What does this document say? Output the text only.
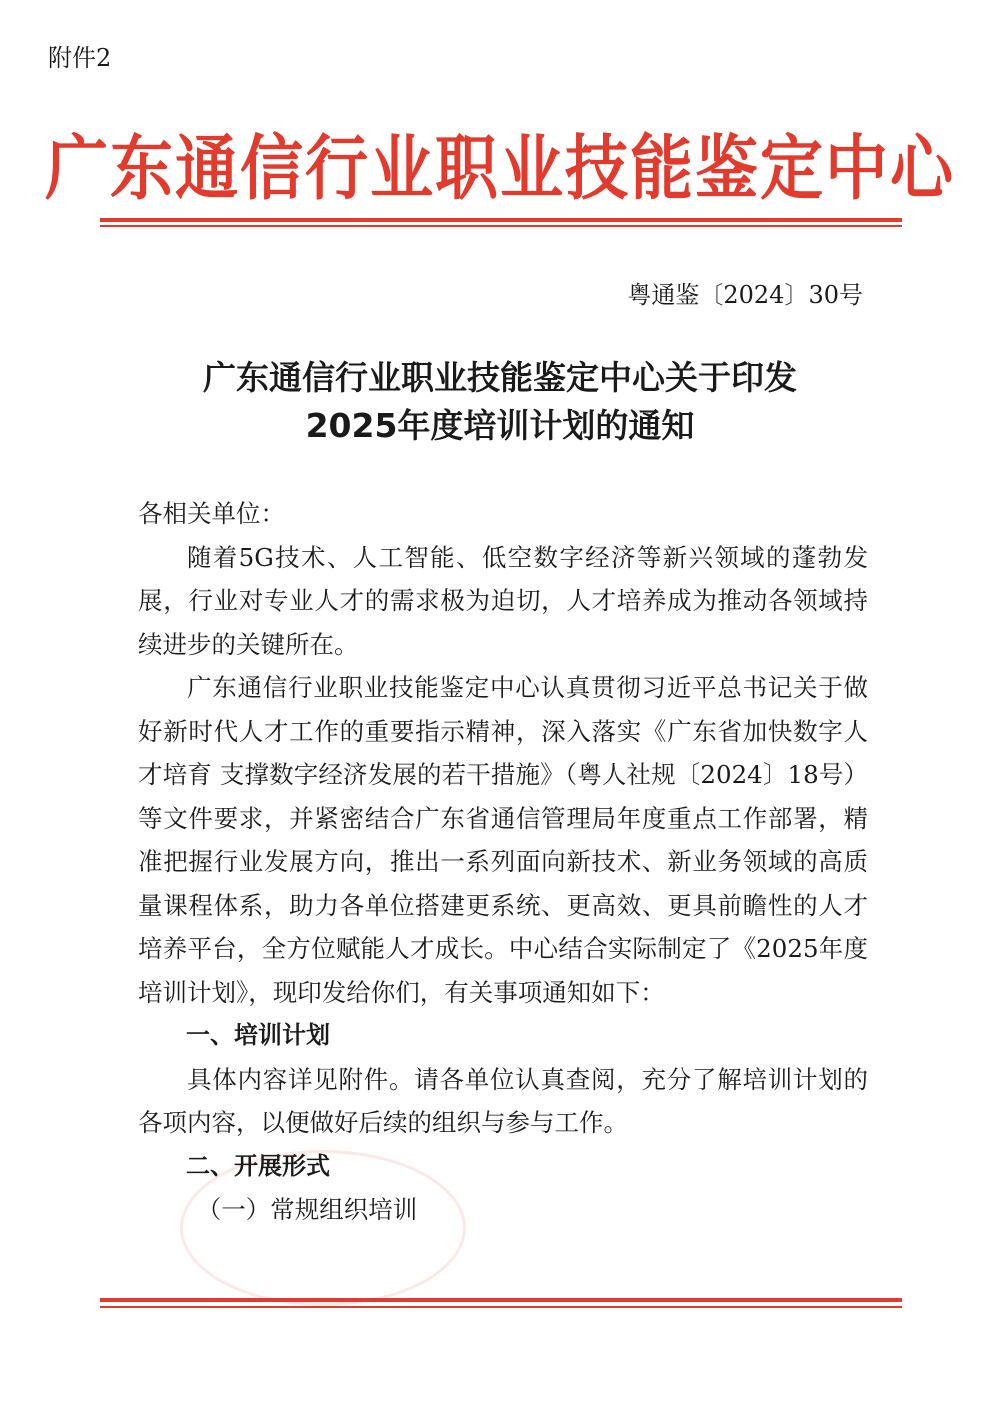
附件2
广东通信行业职业技能鉴定中心
粤通鉴〔2024〕30号
广东通信行业职业技能鉴定中心关于印发
2025年度培训计划的通知

各相关单位：

随着5G技术、人工智能、低空数字经济等新兴领域的蓬勃发展，行业对专业人才的需求极为迫切，人才培养成为推动各领域持续进步的关键所在。

广东通信行业职业技能鉴定中心认真贯彻习近平总书记关于做好新时代人才工作的重要指示精神，深入落实《广东省加快数字人才培育 支撑数字经济发展的若干措施》（粤人社规〔2024〕18号）等文件要求，并紧密结合广东省通信管理局年度重点工作部署，精准把握行业发展方向，推出一系列面向新技术、新业务领域的高质量课程体系，助力各单位搭建更系统、更高效、更具前瞻性的人才培养平台，全方位赋能人才成长。中心结合实际制定了《2025年度培训计划》，现印发给你们，有关事项通知如下：

一、培训计划

具体内容详见附件。请各单位认真查阅，充分了解培训计划的各项内容，以便做好后续的组织与参与工作。

二、开展形式

（一）常规组织培训
